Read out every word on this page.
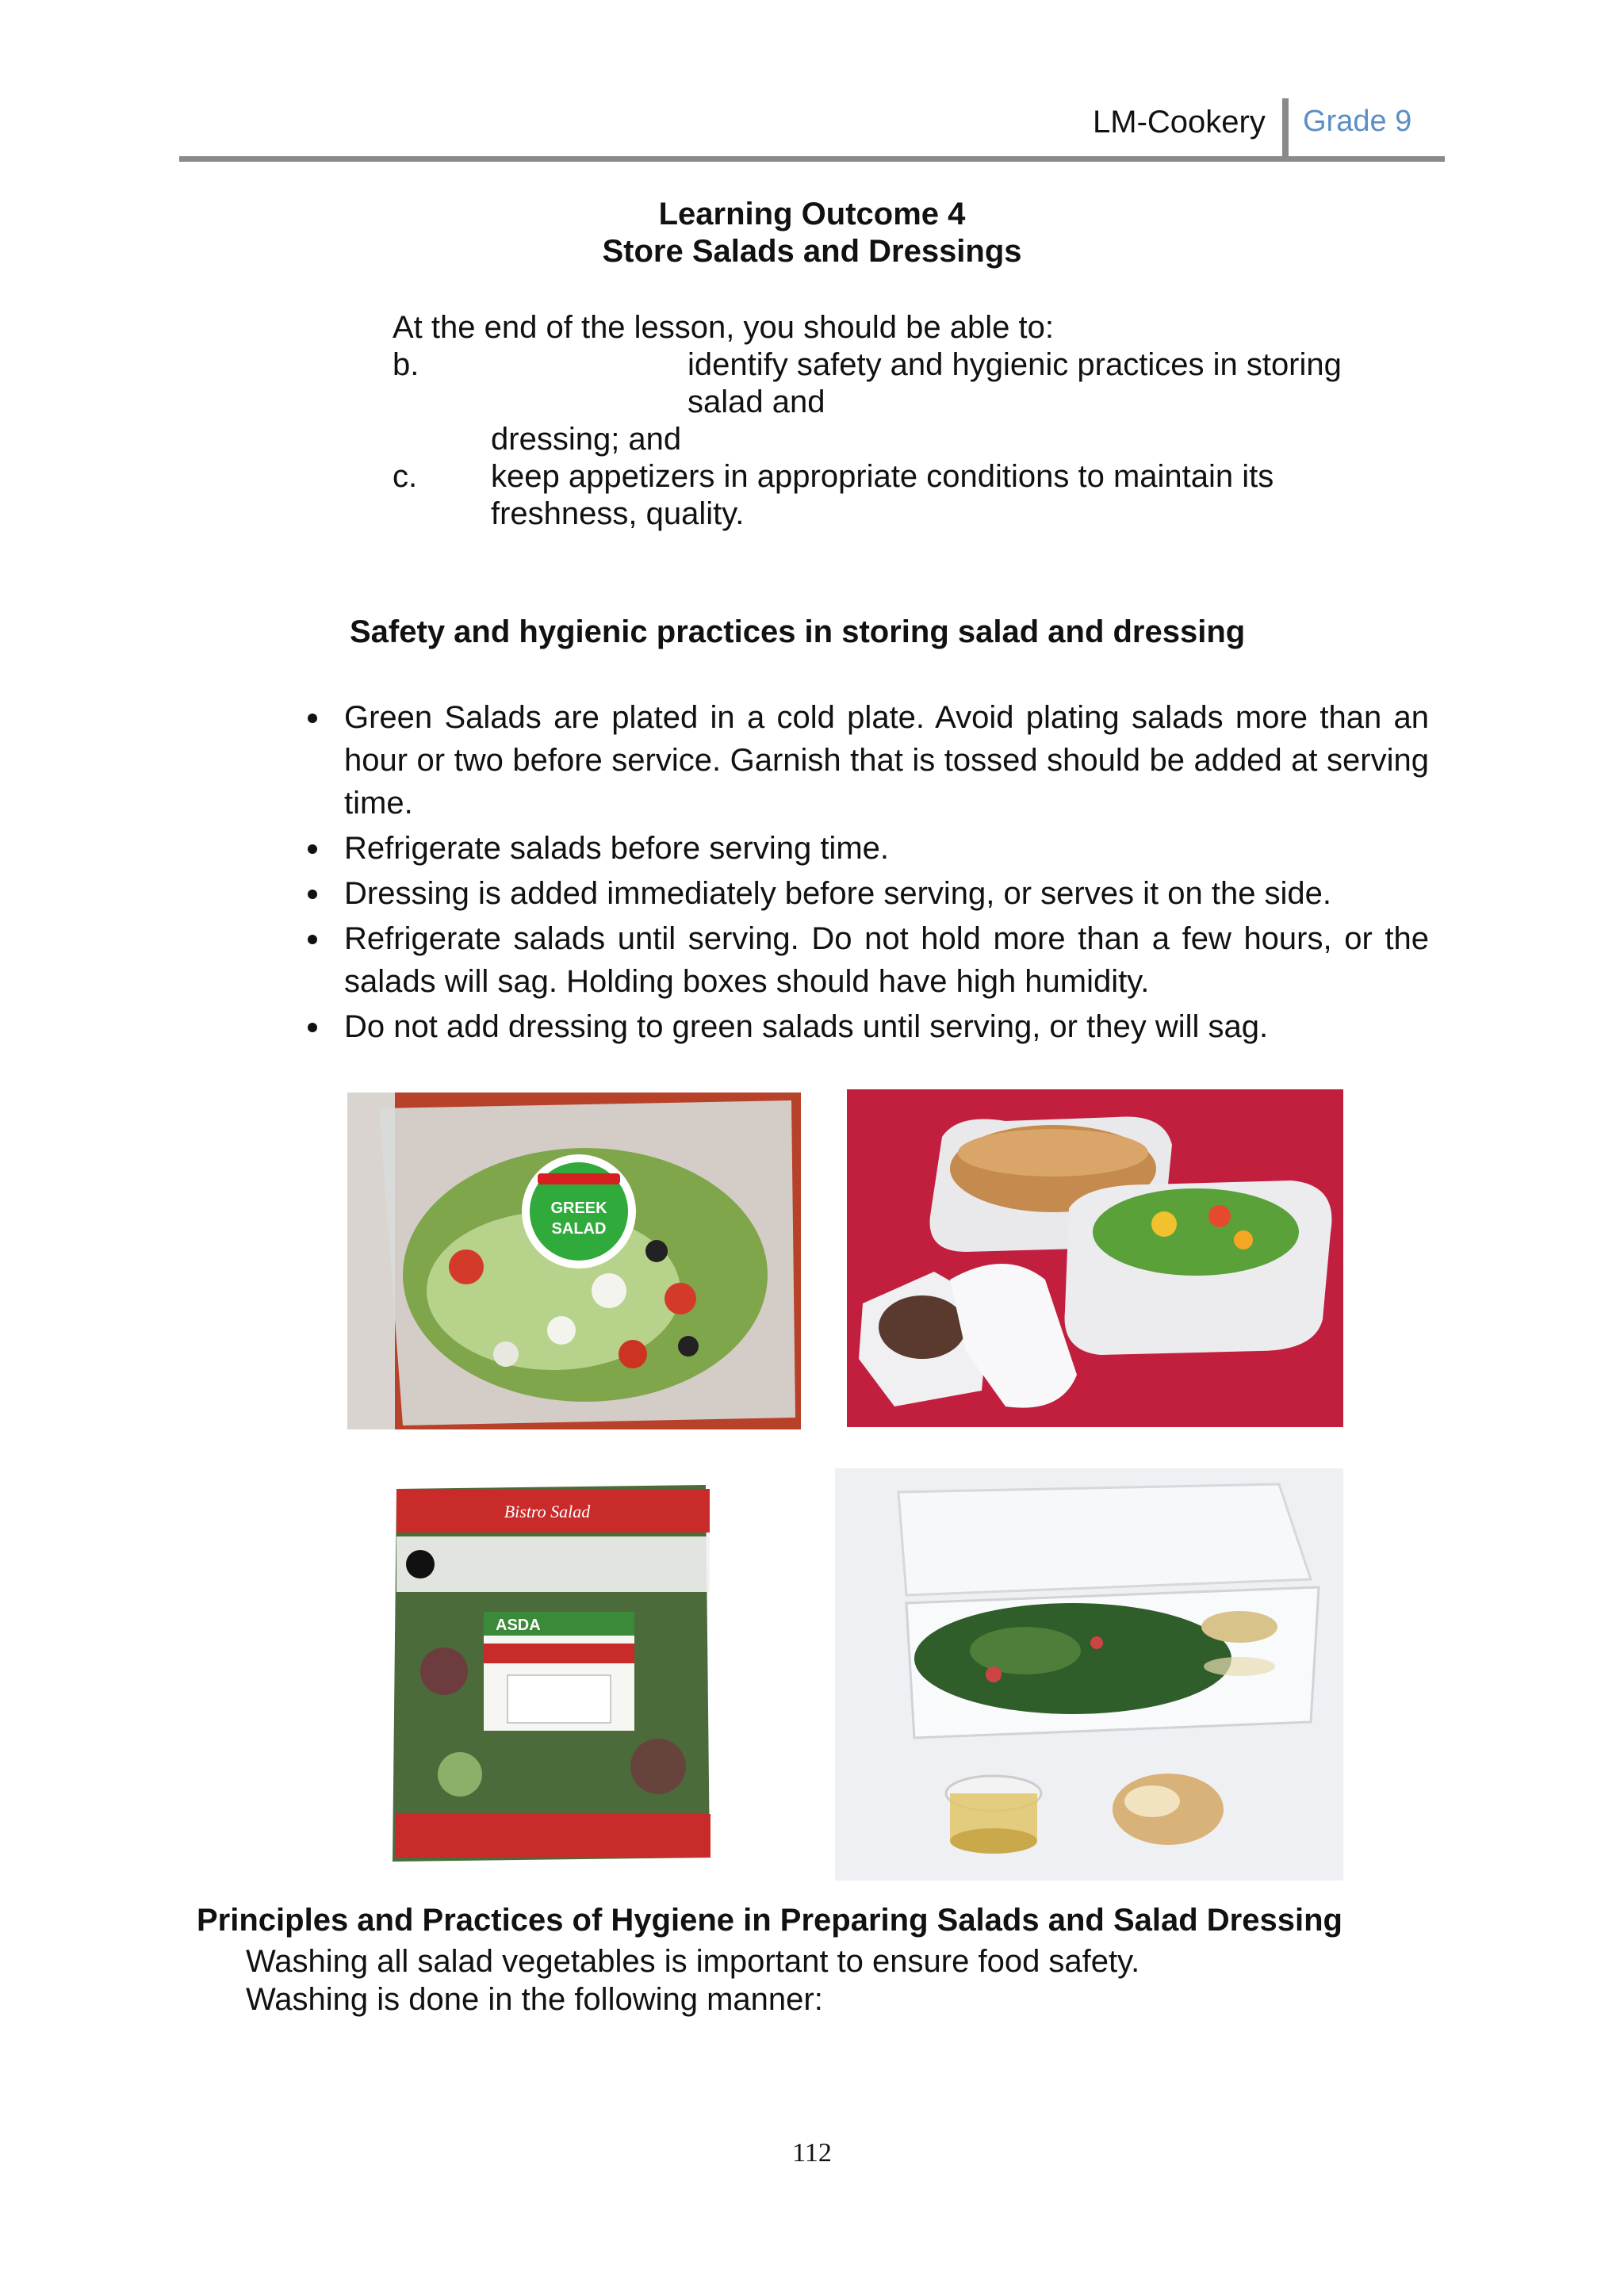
LM-Cookery Grade 9
Learning Outcome 4
Store Salads and Dressings
At the end of the lesson, you should be able to:
b.	identify safety and hygienic practices in storing
salad and
dressing; and
c. keep appetizers in appropriate conditions to maintain its
freshness, quality.
Safety and hygienic practices in storing salad and dressing
Green Salads are plated in a cold plate. Avoid plating salads more than an hour or two before service. Garnish that is tossed should be added at serving time.
Refrigerate salads before serving time.
Dressing is added immediately before serving, or serves it on the side.
Refrigerate salads until serving. Do not hold more than a few hours, or the salads will sag. Holding boxes should have high humidity.
Do not add dressing to green salads until serving, or they will sag.
GREEK
SALAD
Bistro Salad
ASDA
Principles and Practices of Hygiene in Preparing Salads and Salad Dressing
Washing all salad vegetables is important to ensure food safety.
Washing is done in the following manner:
112
